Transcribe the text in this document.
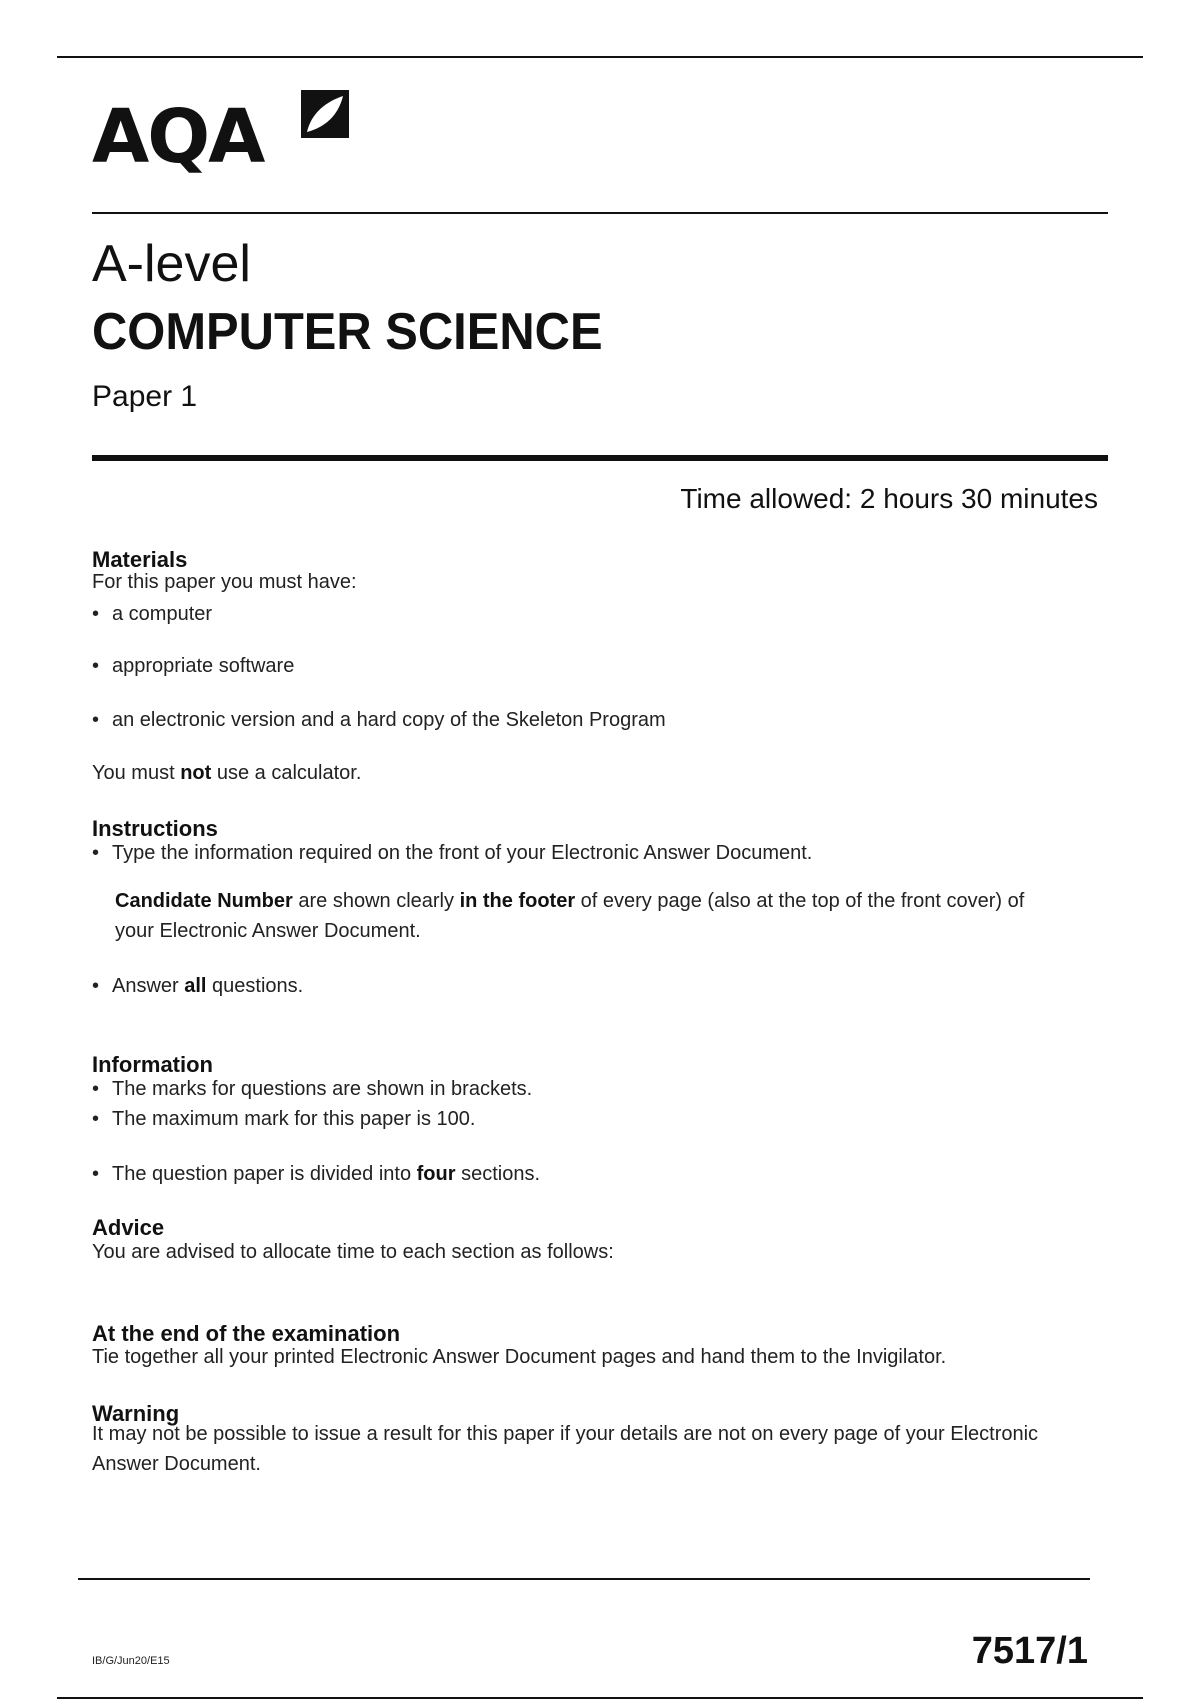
AQA
A-level
COMPUTER SCIENCE
Paper 1
Time allowed: 2 hours 30 minutes
Materials
For this paper you must have:
• a computer
• appropriate software
• an electronic version and a hard copy of the Skeleton Program
You must not use a calculator.
Instructions
• Type the information required on the front of your Electronic Answer Document.
Candidate Number are shown clearly in the footer of every page (also at the top of the front cover) of your Electronic Answer Document.
• Answer all questions.
Information
• The marks for questions are shown in brackets.
• The maximum mark for this paper is 100.
• The question paper is divided into four sections.
Advice
You are advised to allocate time to each section as follows:
At the end of the examination
Tie together all your printed Electronic Answer Document pages and hand them to the Invigilator.
Warning
It may not be possible to issue a result for this paper if your details are not on every page of your Electronic Answer Document.
IB/G/Jun20/E15	7517/1
